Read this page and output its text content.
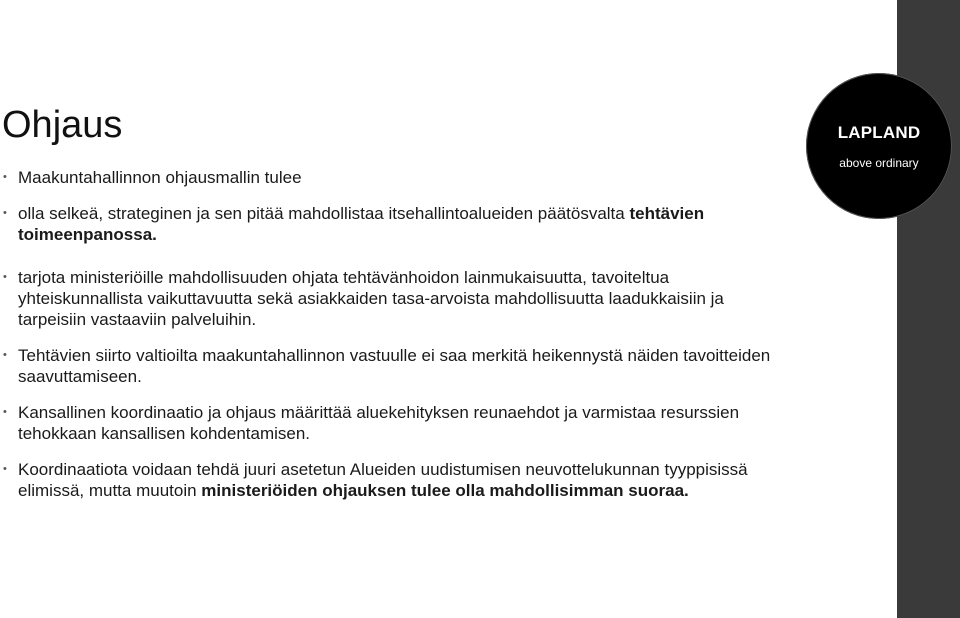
LAPLAND
above ordinary
Ohjaus
• Maakuntahallinnon ohjausmallin tulee
• olla selkeä, strateginen ja sen pitää mahdollistaa itsehallintoalueiden päätösvalta tehtävien toimeenpanossa.
• tarjota ministeriöille mahdollisuuden ohjata tehtävänhoidon lainmukaisuutta, tavoiteltua yhteiskunnallista vaikuttavuutta sekä asiakkaiden tasa-arvoista mahdollisuutta laadukkaisiin ja tarpeisiin vastaaviin palveluihin.
• Tehtävien siirto valtioilta maakuntahallinnon vastuulle ei saa merkitä heikennystä näiden tavoitteiden saavuttamiseen.
• Kansallinen koordinaatio ja ohjaus määrittää aluekehityksen reunaehdot ja varmistaa resurssien tehokkaan kansallisen kohdentamisen.
• Koordinaatiota voidaan tehdä juuri asetetun Alueiden uudistumisen neuvottelukunnan tyyppisissä elimissä, mutta muutoin ministeriöiden ohjauksen tulee olla mahdollisimman suoraa.
